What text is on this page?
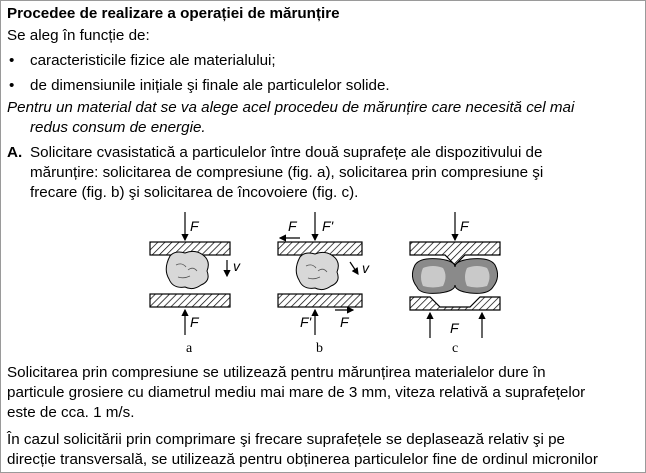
Procedee de realizare a operației de mărunțire
Se aleg în funcție de:
• caracteristicile fizice ale materialului;
• de dimensiunile inițiale şi finale ale particulelor solide.
Pentru un material dat se va alege acel procedeu de mărunțire care necesită cel mai
redus consum de energie.
A. Solicitare cvasistatică a particulelor între două suprafețe ale dispozitivului de
mărunțire: solicitarea de compresiune (fig. a), solicitarea prin compresiune şi
frecare (fig. b) şi solicitarea de încovoiere (fig. c).
F
v
F
F F'
v
F' F
F
F
a	b	c
Solicitarea prin compresiune se utilizează pentru mărunțirea materialelor dure în
particule grosiere cu diametrul mediu mai mare de 3 mm, viteza relativă a suprafețelor
este de cca. 1 m/s.
În cazul solicitării prin comprimare şi frecare suprafețele se deplasează relativ şi pe
direcție transversală, se utilizează pentru obținerea particulelor fine de ordinul micronilor
